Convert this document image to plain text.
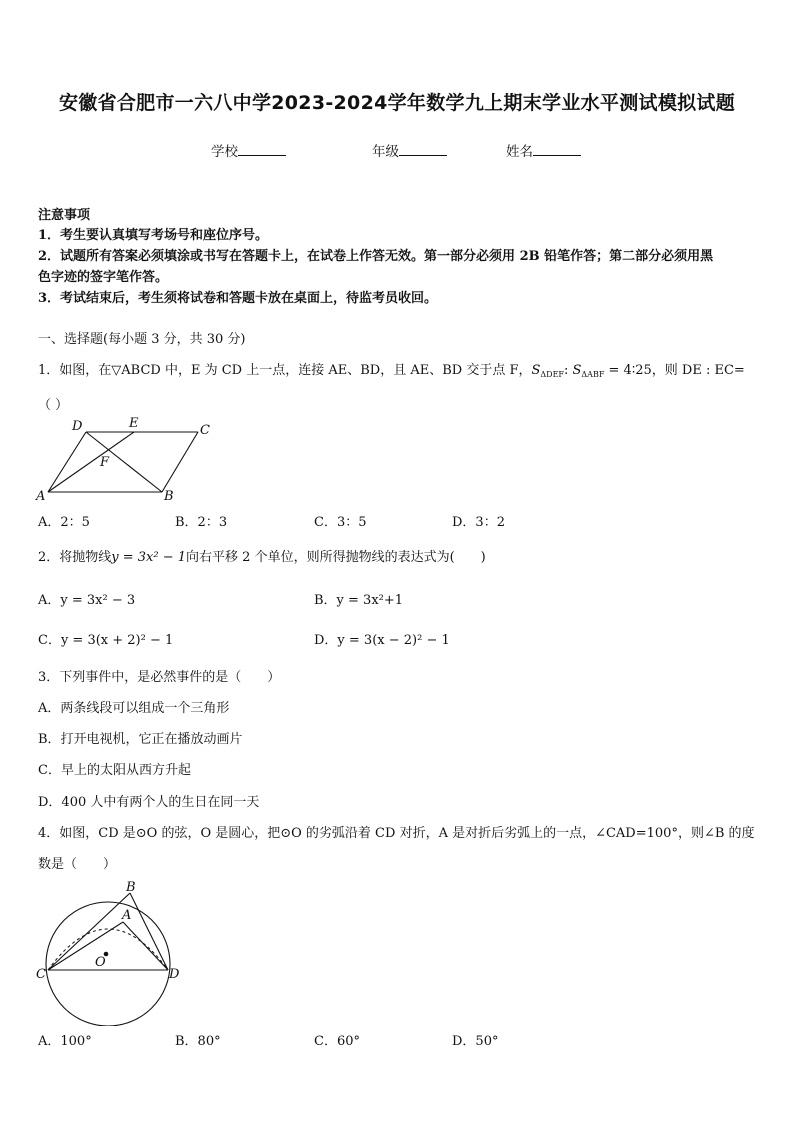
安徽省合肥市一六八中学2023-2024学年数学九上期末学业水平测试模拟试题
学校	年级	姓名
注意事项
1．考生要认真填写考场号和座位序号。
2．试题所有答案必须填涂或书写在答题卡上，在试卷上作答无效。第一部分必须用 2B 铅笔作答；第二部分必须用黑
色字迹的签字笔作答。
3．考试结束后，考生须将试卷和答题卡放在桌面上，待监考员收回。
一、选择题(每小题 3 分，共 30 分)
1．如图，在▽ABCD 中，E 为 CD 上一点，连接 AE、BD，且 AE、BD 交于点 F，$S_{\Delta DEF}$: $S_{\Delta ABF}$ = 4∶25，则 DE : EC=
（ ）
D	E	C
F
A	B
A．2：5	B．2：3	C．3：5	D．3：2
2．将抛物线y = 3x² − 1向右平移 2 个单位，则所得抛物线的表达式为(　　)
A．y = 3x² − 3	B．y = 3x²+1
C．y = 3(x + 2)² − 1	D．y = 3(x − 2)² − 1
3．下列事件中，是必然事件的是（　　）
A．两条线段可以组成一个三角形
B．打开电视机，它正在播放动画片
C．早上的太阳从西方升起
D．400 人中有两个人的生日在同一天
4．如图，CD 是⊙O 的弦，O 是圆心，把⊙O 的劣弧沿着 CD 对折，A 是对折后劣弧上的一点，∠CAD=100°，则∠B 的度
数是（　　）
B
A
O
C	D
A．100°	B．80°	C．60°	D．50°
